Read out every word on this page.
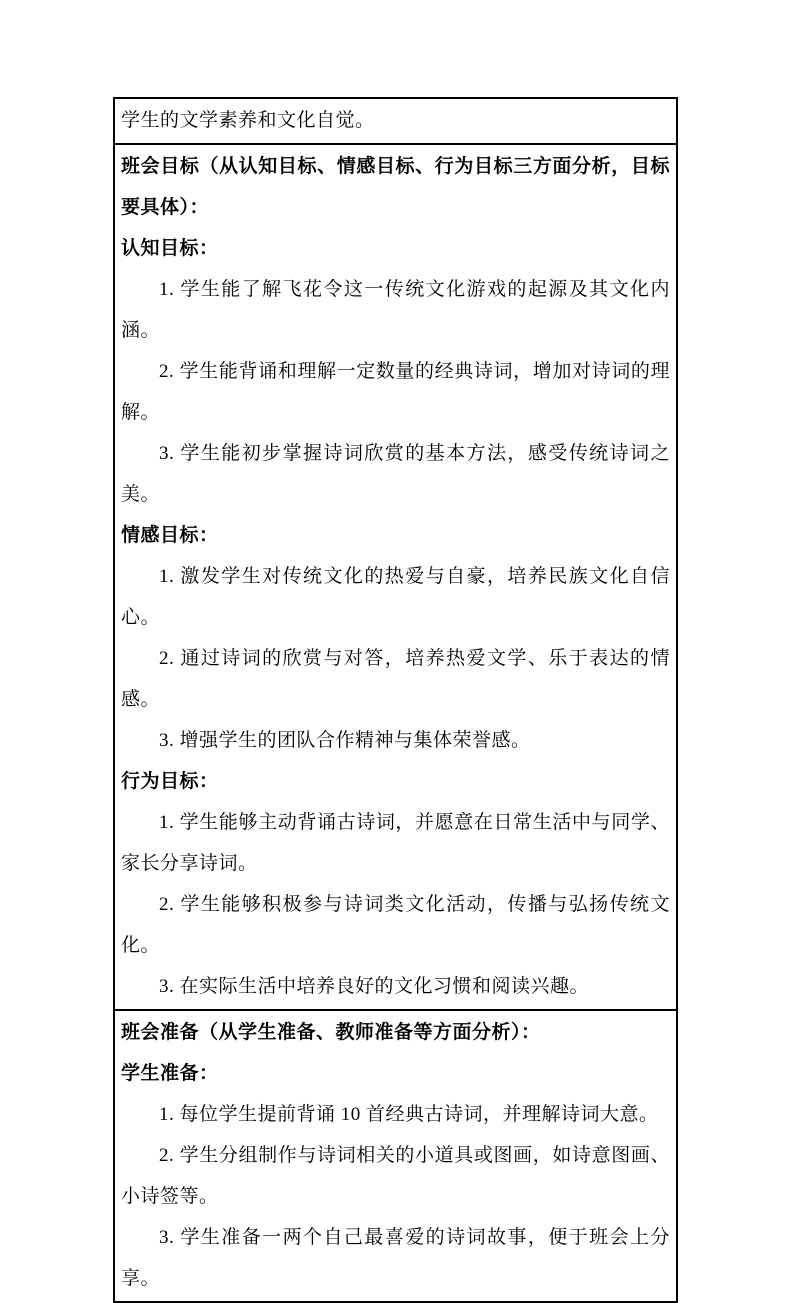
学生的文学素养和文化自觉。

班会目标（从认知目标、情感目标、行为目标三方面分析，目标要具体）：

认知目标：

1. 学生能了解飞花令这一传统文化游戏的起源及其文化内涵。

2. 学生能背诵和理解一定数量的经典诗词，增加对诗词的理解。

3. 学生能初步掌握诗词欣赏的基本方法，感受传统诗词之美。

情感目标：

1. 激发学生对传统文化的热爱与自豪，培养民族文化自信心。

2. 通过诗词的欣赏与对答，培养热爱文学、乐于表达的情感。

3. 增强学生的团队合作精神与集体荣誉感。

行为目标：

1. 学生能够主动背诵古诗词，并愿意在日常生活中与同学、家长分享诗词。

2. 学生能够积极参与诗词类文化活动，传播与弘扬传统文化。

3. 在实际生活中培养良好的文化习惯和阅读兴趣。

班会准备（从学生准备、教师准备等方面分析）：

学生准备：

1. 每位学生提前背诵 10 首经典古诗词，并理解诗词大意。

2. 学生分组制作与诗词相关的小道具或图画，如诗意图画、小诗签等。

3. 学生准备一两个自己最喜爱的诗词故事，便于班会上分享。
